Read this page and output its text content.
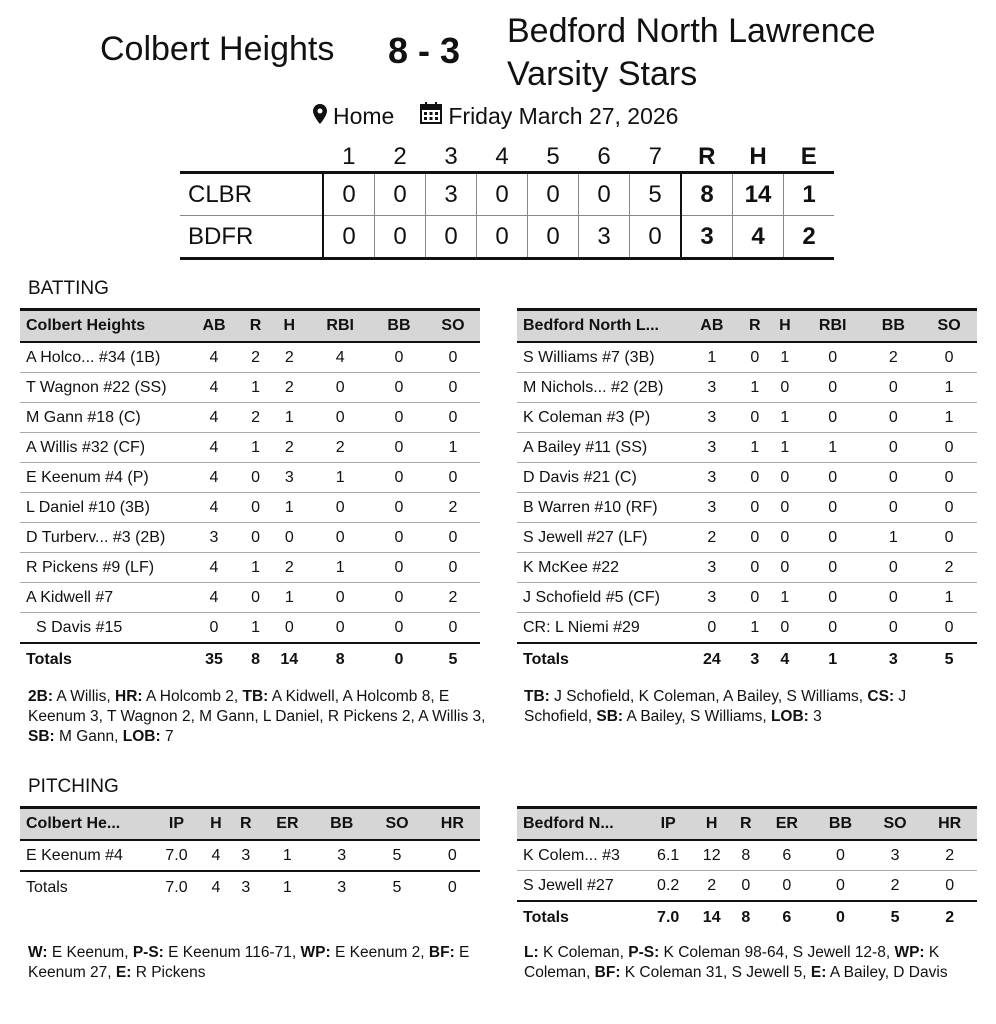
Colbert Heights 8 - 3 Bedford North Lawrence
Varsity Stars
Home Friday March 27, 2026
	1	2	3	4	5	6	7	R	H	E
CLBR	0	0	3	0	0	0	5	8	14	1
BDFR	0	0	0	0	0	3	0	3	4	2
BATTING
Colbert Heights	AB	R	H	RBI	BB	SO
A Holco... #34 (1B)	4	2	2	4	0	0
T Wagnon #22 (SS)	4	1	2	0	0	0
M Gann #18 (C)	4	2	1	0	0	0
A Willis #32 (CF)	4	1	2	2	0	1
E Keenum #4 (P)	4	0	3	1	0	0
L Daniel #10 (3B)	4	0	1	0	0	2
D Turberv... #3 (2B)	3	0	0	0	0	0
R Pickens #9 (LF)	4	1	2	1	0	0
A Kidwell #7	4	0	1	0	0	2
S Davis #15	0	1	0	0	0	0
Totals	35	8	14	8	0	5
Bedford North L...	AB	R	H	RBI	BB	SO
S Williams #7 (3B)	1	0	1	0	2	0
M Nichols... #2 (2B)	3	1	0	0	0	1
K Coleman #3 (P)	3	0	1	0	0	1
A Bailey #11 (SS)	3	1	1	1	0	0
D Davis #21 (C)	3	0	0	0	0	0
B Warren #10 (RF)	3	0	0	0	0	0
S Jewell #27 (LF)	2	0	0	0	1	0
K McKee #22	3	0	0	0	0	2
J Schofield #5 (CF)	3	0	1	0	0	1
CR: L Niemi #29	0	1	0	0	0	0
Totals	24	3	4	1	3	5
2B: A Willis, HR: A Holcomb 2, TB: A Kidwell, A Holcomb 8, E Keenum 3, T Wagnon 2, M Gann, L Daniel, R Pickens 2, A Willis 3, SB: M Gann, LOB: 7
TB: J Schofield, K Coleman, A Bailey, S Williams, CS: J Schofield, SB: A Bailey, S Williams, LOB: 3
PITCHING
Colbert He...	IP	H	R	ER	BB	SO	HR
E Keenum #4	7.0	4	3	1	3	5	0
Totals	7.0	4	3	1	3	5	0
Bedford N...	IP	H	R	ER	BB	SO	HR
K Colem... #3	6.1	12	8	6	0	3	2
S Jewell #27	0.2	2	0	0	0	2	0
Totals	7.0	14	8	6	0	5	2
W: E Keenum, P-S: E Keenum 116-71, WP: E Keenum 2, BF: E Keenum 27, E: R Pickens
L: K Coleman, P-S: K Coleman 98-64, S Jewell 12-8, WP: K Coleman, BF: K Coleman 31, S Jewell 5, E: A Bailey, D Davis
